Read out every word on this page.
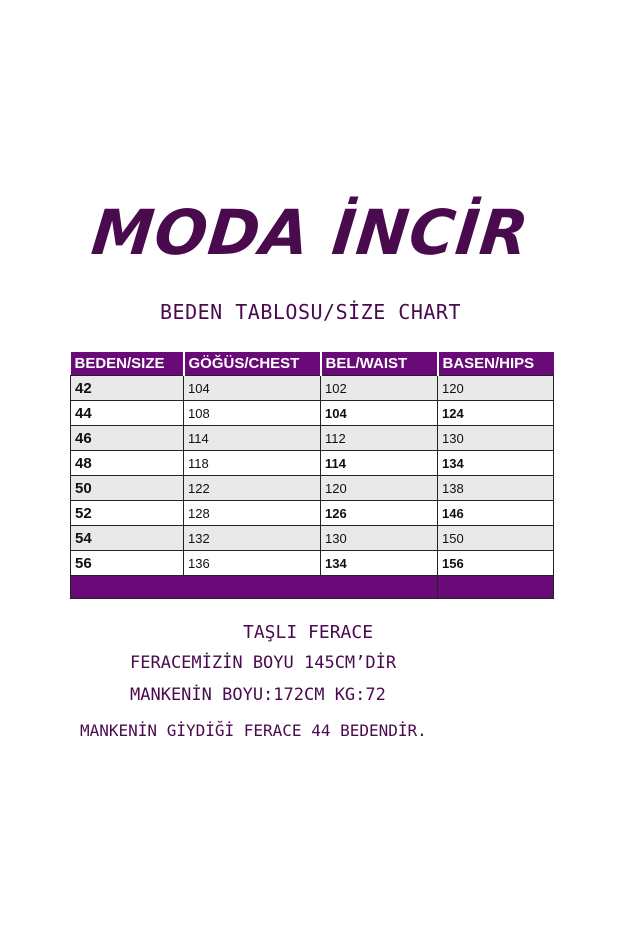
MODA İNCİR
BEDEN TABLOSU/SİZE CHART
BEDEN/SIZE	GÖĞÜS/CHEST	BEL/WAIST	BASEN/HIPS
42	104	102	120
44	108	104	124
46	114	112	130
48	118	114	134
50	122	120	138
52	128	126	146
54	132	130	150
56	136	134	156

TAŞLI FERACE
FERACEMİZİN BOYU 145CM’DİR
MANKENİN BOYU:172CM KG:72
MANKENİN GİYDİĞİ FERACE 44 BEDENDİR.
